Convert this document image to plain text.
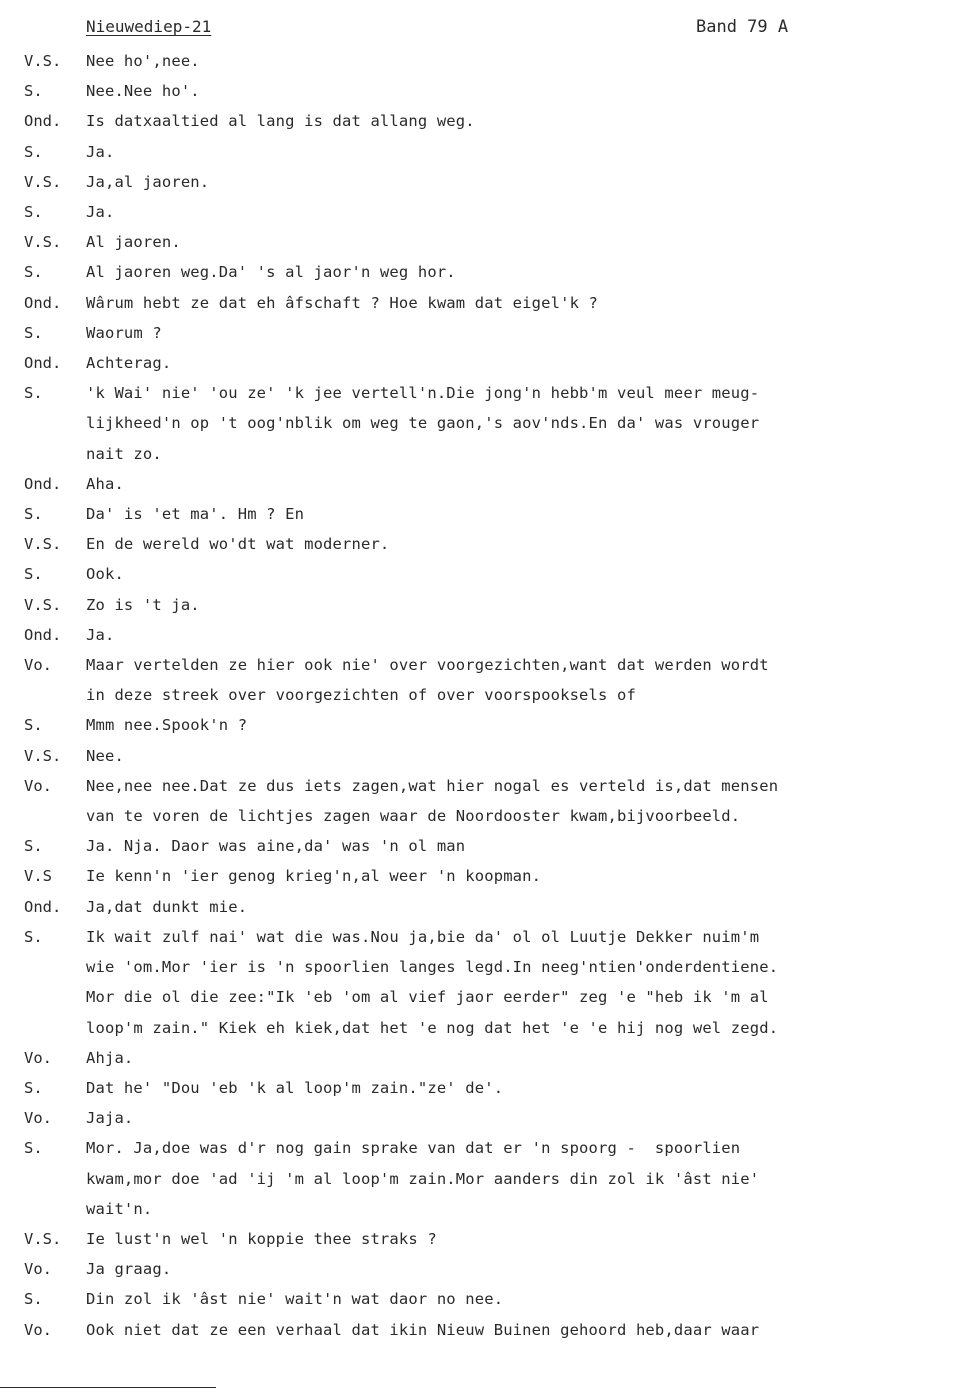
Nieuwediep-21	Band 79 A
V.S.	Nee ho',nee.
S.	Nee.Nee ho'.
Ond.	Is datxaaltied al lang is dat allang weg.
S.	Ja.
V.S.	Ja,al jaoren.
S.	Ja.
V.S.	Al jaoren.
S.	Al jaoren weg.Da' 's al jaor'n weg hor.
Ond.	Wârum hebt ze dat eh âfschaft ? Hoe kwam dat eigel'k ?
S.	Waorum ?
Ond.	Achterag.
S.	'k Wai' nie' 'ou ze' 'k jee vertell'n.Die jong'n hebb'm veul meer meug-
lijkheed'n op 't oog'nblik om weg te gaon,'s aov'nds.En da' was vrouger
nait zo.
Ond.	Aha.
S.	Da' is 'et ma'. Hm ? En
V.S.	En de wereld wo'dt wat moderner.
S.	Ook.
V.S.	Zo is 't ja.
Ond.	Ja.
Vo.	Maar vertelden ze hier ook nie' over voorgezichten,want dat werden wordt
in deze streek over voorgezichten of over voorspooksels of
S.	Mmm nee.Spook'n ?
V.S.	Nee.
Vo.	Nee,nee nee.Dat ze dus iets zagen,wat hier nogal es verteld is,dat mensen
van te voren de lichtjes zagen waar de Noordooster kwam,bijvoorbeeld.
S.	Ja. Nja. Daor was aine,da' was 'n ol man
V.S	Ie kenn'n 'ier genog krieg'n,al weer 'n koopman.
Ond.	Ja,dat dunkt mie.
S.	Ik wait zulf nai' wat die was.Nou ja,bie da' ol ol Luutje Dekker nuim'm
wie 'om.Mor 'ier is 'n spoorlien langes legd.In neeg'ntien'onderdentiene.
Mor die ol die zee:"Ik 'eb 'om al vief jaor eerder" zeg 'e "heb ik 'm al
loop'm zain." Kiek eh kiek,dat het 'e nog dat het 'e 'e hij nog wel zegd.
Vo.	Ahja.
S.	Dat he' "Dou 'eb 'k al loop'm zain."ze' de'.
Vo.	Jaja.
S.	Mor. Ja,doe was d'r nog gain sprake van dat er 'n spoorg -  spoorlien
kwam,mor doe 'ad 'ij 'm al loop'm zain.Mor aanders din zol ik 'âst nie'
wait'n.
V.S.	Ie lust'n wel 'n koppie thee straks ?
Vo.	Ja graag.
S.	Din zol ik 'âst nie' wait'n wat daor no nee.
Vo.	Ook niet dat ze een verhaal dat ikin Nieuw Buinen gehoord heb,daar waar
